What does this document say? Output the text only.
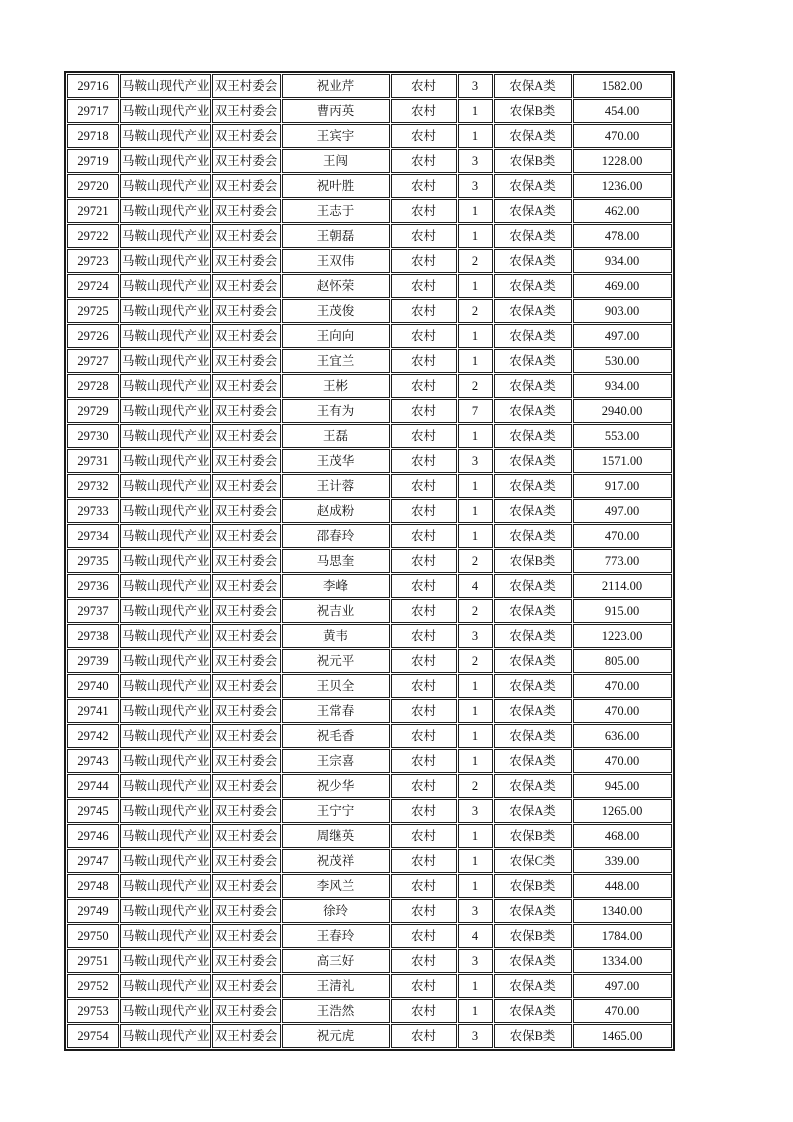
29716	马鞍山现代产业	双王村委会	祝业芹	农村	3	农保A类	1582.00
29717	马鞍山现代产业	双王村委会	曹丙英	农村	1	农保B类	454.00
29718	马鞍山现代产业	双王村委会	王宾宇	农村	1	农保A类	470.00
29719	马鞍山现代产业	双王村委会	王闯	农村	3	农保B类	1228.00
29720	马鞍山现代产业	双王村委会	祝叶胜	农村	3	农保A类	1236.00
29721	马鞍山现代产业	双王村委会	王志于	农村	1	农保A类	462.00
29722	马鞍山现代产业	双王村委会	王朝磊	农村	1	农保A类	478.00
29723	马鞍山现代产业	双王村委会	王双伟	农村	2	农保A类	934.00
29724	马鞍山现代产业	双王村委会	赵怀荣	农村	1	农保A类	469.00
29725	马鞍山现代产业	双王村委会	王茂俊	农村	2	农保A类	903.00
29726	马鞍山现代产业	双王村委会	王向向	农村	1	农保A类	497.00
29727	马鞍山现代产业	双王村委会	王宜兰	农村	1	农保A类	530.00
29728	马鞍山现代产业	双王村委会	王彬	农村	2	农保A类	934.00
29729	马鞍山现代产业	双王村委会	王有为	农村	7	农保A类	2940.00
29730	马鞍山现代产业	双王村委会	王磊	农村	1	农保A类	553.00
29731	马鞍山现代产业	双王村委会	王茂华	农村	3	农保A类	1571.00
29732	马鞍山现代产业	双王村委会	王计蓉	农村	1	农保A类	917.00
29733	马鞍山现代产业	双王村委会	赵成粉	农村	1	农保A类	497.00
29734	马鞍山现代产业	双王村委会	邵春玲	农村	1	农保A类	470.00
29735	马鞍山现代产业	双王村委会	马思奎	农村	2	农保B类	773.00
29736	马鞍山现代产业	双王村委会	李峰	农村	4	农保A类	2114.00
29737	马鞍山现代产业	双王村委会	祝吉业	农村	2	农保A类	915.00
29738	马鞍山现代产业	双王村委会	黄韦	农村	3	农保A类	1223.00
29739	马鞍山现代产业	双王村委会	祝元平	农村	2	农保A类	805.00
29740	马鞍山现代产业	双王村委会	王贝全	农村	1	农保A类	470.00
29741	马鞍山现代产业	双王村委会	王常春	农村	1	农保A类	470.00
29742	马鞍山现代产业	双王村委会	祝毛香	农村	1	农保A类	636.00
29743	马鞍山现代产业	双王村委会	王宗喜	农村	1	农保A类	470.00
29744	马鞍山现代产业	双王村委会	祝少华	农村	2	农保A类	945.00
29745	马鞍山现代产业	双王村委会	王宁宁	农村	3	农保A类	1265.00
29746	马鞍山现代产业	双王村委会	周继英	农村	1	农保B类	468.00
29747	马鞍山现代产业	双王村委会	祝茂祥	农村	1	农保C类	339.00
29748	马鞍山现代产业	双王村委会	李风兰	农村	1	农保B类	448.00
29749	马鞍山现代产业	双王村委会	徐玲	农村	3	农保A类	1340.00
29750	马鞍山现代产业	双王村委会	王春玲	农村	4	农保B类	1784.00
29751	马鞍山现代产业	双王村委会	高三好	农村	3	农保A类	1334.00
29752	马鞍山现代产业	双王村委会	王清礼	农村	1	农保A类	497.00
29753	马鞍山现代产业	双王村委会	王浩然	农村	1	农保A类	470.00
29754	马鞍山现代产业	双王村委会	祝元虎	农村	3	农保B类	1465.00
